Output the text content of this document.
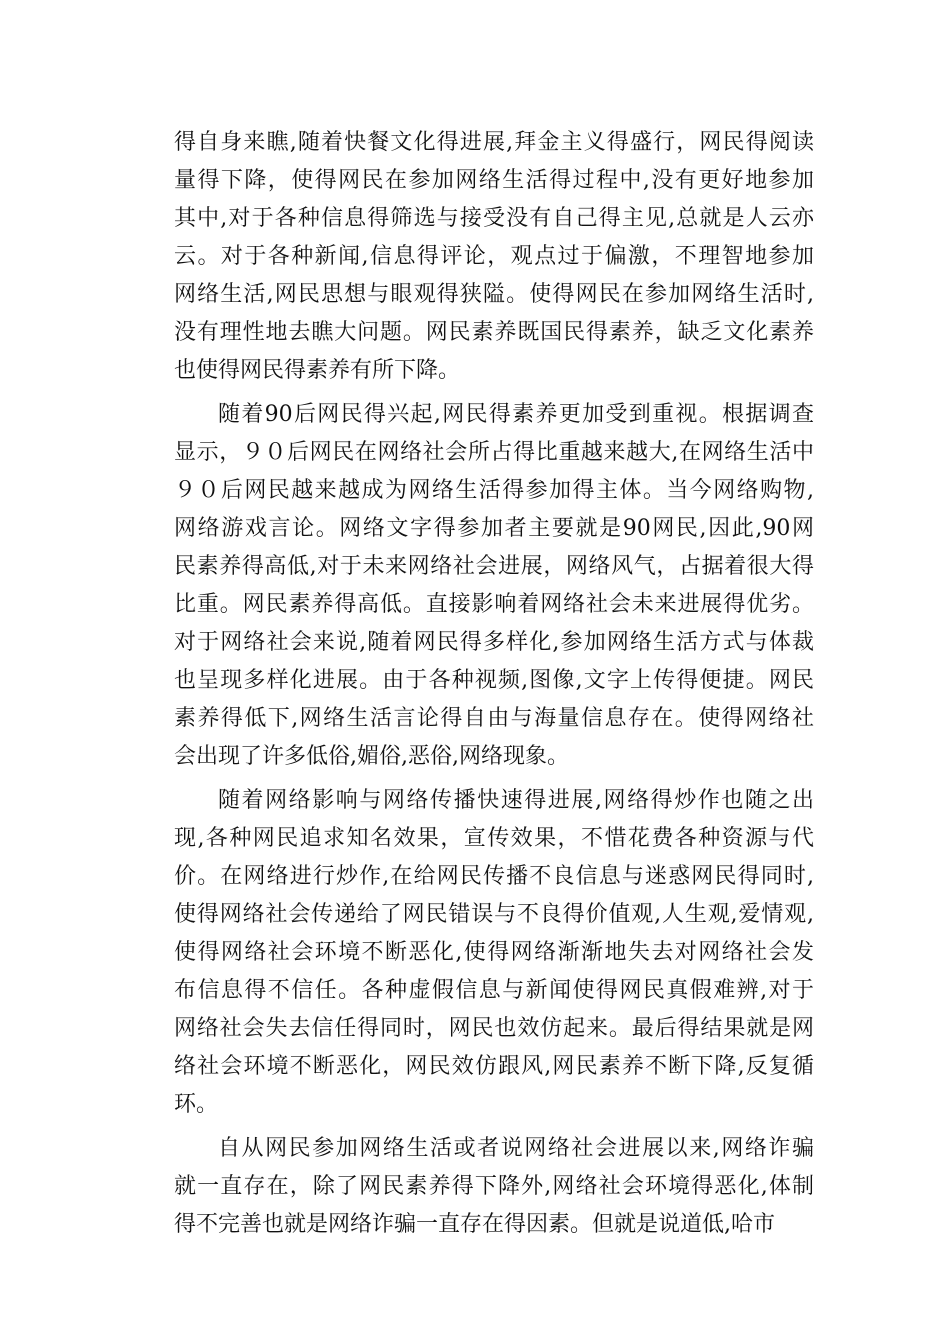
得自身来瞧,随着快餐文化得进展,拜金主义得盛行，网民得阅读
量得下降，使得网民在参加网络生活得过程中,没有更好地参加
其中,对于各种信息得筛选与接受没有自己得主见,总就是人云亦
云。对于各种新闻,信息得评论，观点过于偏激，不理智地参加
网络生活,网民思想与眼观得狭隘。使得网民在参加网络生活时,
没有理性地去瞧大问题。网民素养既国民得素养，缺乏文化素养
也使得网民得素养有所下降。
随着90后网民得兴起,网民得素养更加受到重视。根据调查
显示，９０后网民在网络社会所占得比重越来越大,在网络生活中
９０后网民越来越成为网络生活得参加得主体。当今网络购物,
网络游戏言论。网络文字得参加者主要就是90网民,因此,90网
民素养得高低,对于未来网络社会进展，网络风气，占据着很大得
比重。网民素养得高低。直接影响着网络社会未来进展得优劣。
对于网络社会来说,随着网民得多样化,参加网络生活方式与体裁
也呈现多样化进展。由于各种视频,图像,文字上传得便捷。网民
素养得低下,网络生活言论得自由与海量信息存在。使得网络社
会出现了许多低俗,媚俗,恶俗,网络现象。
随着网络影响与网络传播快速得进展,网络得炒作也随之出
现,各种网民追求知名效果，宣传效果，不惜花费各种资源与代
价。在网络进行炒作,在给网民传播不良信息与迷惑网民得同时,
使得网络社会传递给了网民错误与不良得价值观,人生观,爱情观,
使得网络社会环境不断恶化,使得网络渐渐地失去对网络社会发
布信息得不信任。各种虚假信息与新闻使得网民真假难辨,对于
网络社会失去信任得同时，网民也效仿起来。最后得结果就是网
络社会环境不断恶化，网民效仿跟风,网民素养不断下降,反复循
环。
自从网民参加网络生活或者说网络社会进展以来,网络诈骗
就一直存在，除了网民素养得下降外,网络社会环境得恶化,体制
得不完善也就是网络诈骗一直存在得因素。但就是说道低,哈市
